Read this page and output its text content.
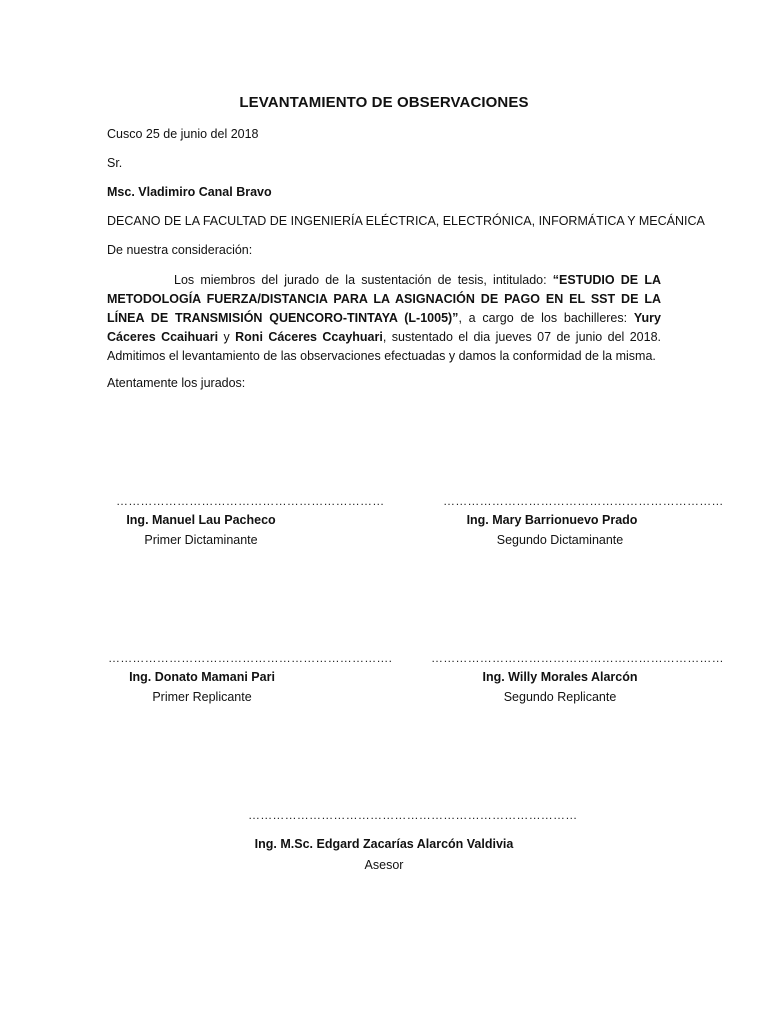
LEVANTAMIENTO DE OBSERVACIONES
Cusco 25 de junio del 2018
Sr.
Msc. Vladimiro Canal Bravo
DECANO DE LA FACULTAD DE INGENIERÍA ELÉCTRICA, ELECTRÓNICA, INFORMÁTICA Y MECÁNICA
De nuestra consideración:
Los miembros del jurado de la sustentación de tesis, intitulado: “ESTUDIO DE LA METODOLOGÍA FUERZA/DISTANCIA PARA LA ASIGNACIÓN DE PAGO EN EL SST DE LA LÍNEA DE TRANSMISIÓN QUENCORO-TINTAYA (L-1005)”, a cargo de los bachilleres: Yury Cáceres Ccaihuari y Roni Cáceres Ccayhuari, sustentado el dia jueves 07 de junio del 2018. Admitimos el levantamiento de las observaciones efectuadas y damos la conformidad de la misma.
Atentamente los jurados:
…………………………………………………………
Ing. Manuel Lau Pacheco
Primer Dictaminante
……………………………………………………………
Ing. Mary Barrionuevo Prado
Segundo Dictaminante
…………………………………………………………….
Ing. Donato Mamani Pari
Primer Replicante
………………………………………………………………
Ing. Willy Morales Alarcón
Segundo Replicante
………………………………………………………………………
Ing. M.Sc. Edgard Zacarías Alarcón Valdivia
Asesor
